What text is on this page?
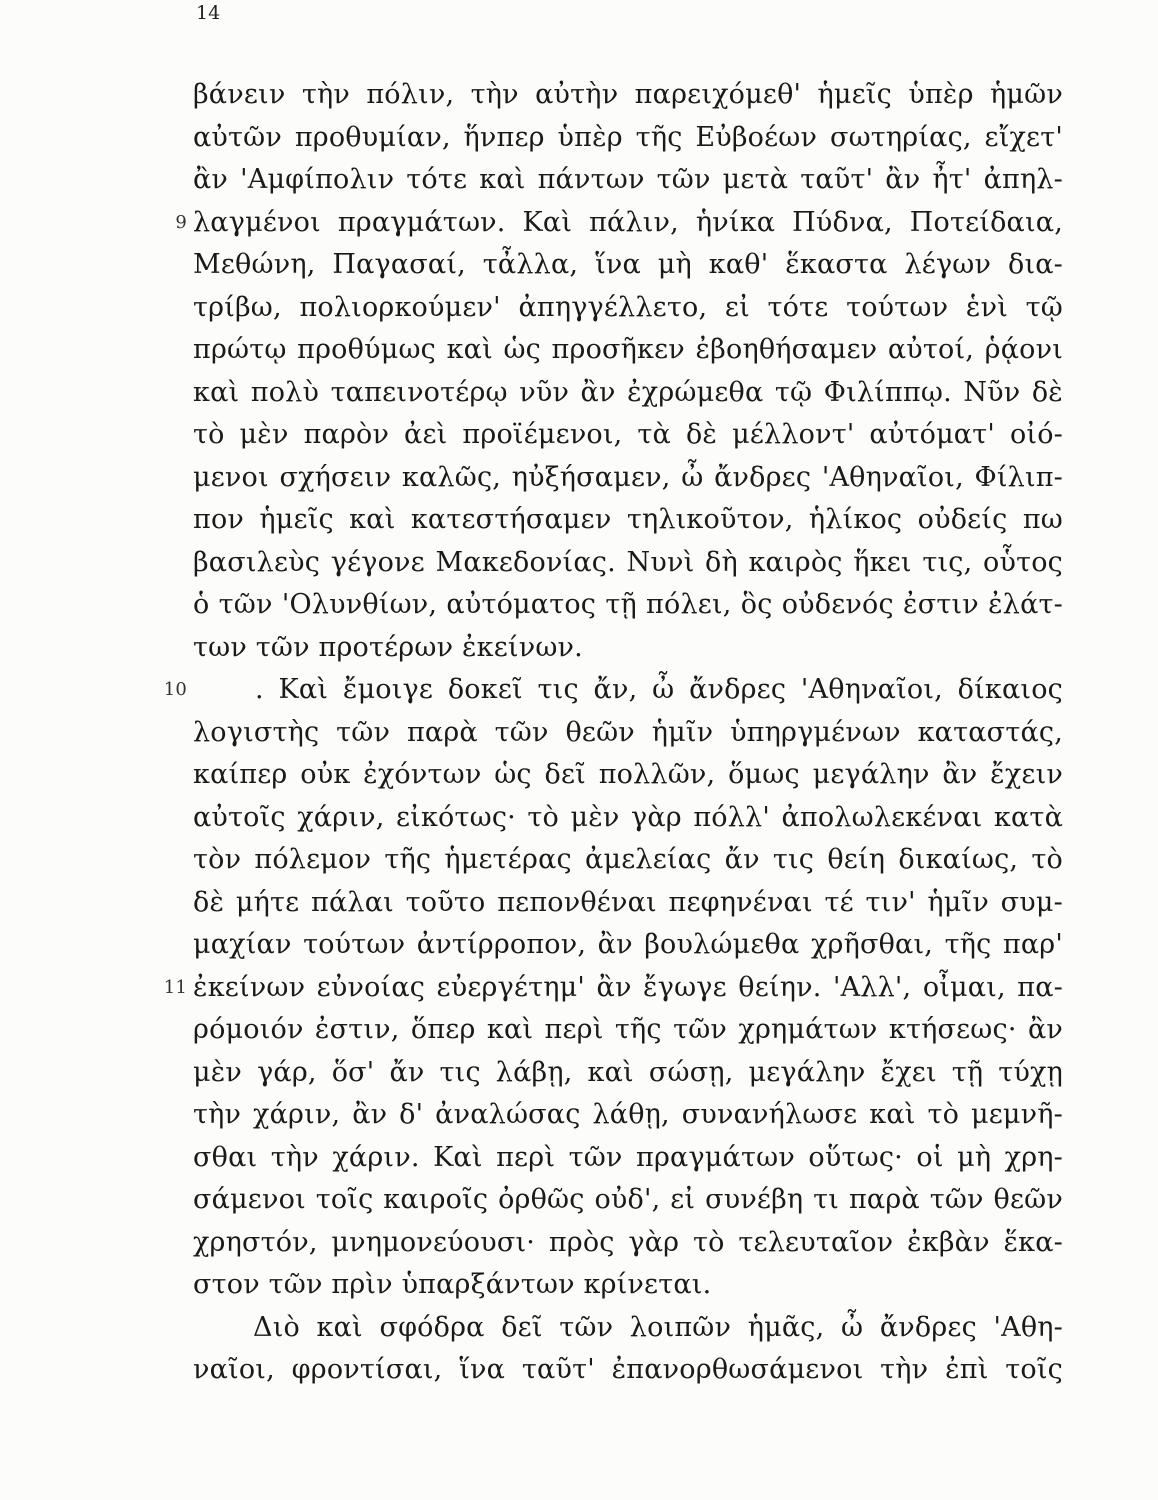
14
βάνειν τὴν πόλιν, τὴν αὐτὴν παρειχόμεθ' ἡμεῖς ὑπὲρ ἡμῶν
αὐτῶν προθυμίαν, ἥνπερ ὑπὲρ τῆς Εὐβοέων σωτηρίας, εἴχετ'
ἂν 'Αμφίπολιν τότε καὶ πάντων τῶν μετὰ ταῦτ' ἂν ἦτ' ἀπηλ-
9 λαγμένοι πραγμάτων. Καὶ πάλιν, ἡνίκα Πύδνα, Ποτείδαια,
Μεθώνη, Παγασαί, τἆλλα, ἵνα μὴ καθ' ἕκαστα λέγων δια-
τρίβω, πολιορκούμεν' ἀπηγγέλλετο, εἰ τότε τούτων ἑνὶ τῷ
πρώτῳ προθύμως καὶ ὡς προσῆκεν ἐβοηθήσαμεν αὐτοί, ῥᾴονι
καὶ πολὺ ταπεινοτέρῳ νῦν ἂν ἐχρώμεθα τῷ Φιλίππῳ. Νῦν δὲ
τὸ μὲν παρὸν ἀεὶ προϊέμενοι, τὰ δὲ μέλλοντ' αὐτόματ' οἰό-
μενοι σχήσειν καλῶς, ηὐξήσαμεν, ὦ ἄνδρες 'Αθηναῖοι, Φίλιπ-
πον ἡμεῖς καὶ κατεστήσαμεν τηλικοῦτον, ἡλίκος οὐδείς πω
βασιλεὺς γέγονε Μακεδονίας. Νυνὶ δὴ καιρὸς ἥκει τις, οὗτος
ὁ τῶν 'Ολυνθίων, αὐτόματος τῇ πόλει, ὃς οὐδενός ἐστιν ἐλάτ-
των τῶν προτέρων ἐκείνων.
10	. Καὶ ἔμοιγε δοκεῖ τις ἄν, ὦ ἄνδρες 'Αθηναῖοι, δίκαιος
λογιστὴς τῶν παρὰ τῶν θεῶν ἡμῖν ὑπηργμένων καταστάς,
καίπερ οὐκ ἐχόντων ὡς δεῖ πολλῶν, ὅμως μεγάλην ἂν ἔχειν
αὐτοῖς χάριν, εἰκότως· τὸ μὲν γὰρ πόλλ' ἀπολωλεκέναι κατὰ
τὸν πόλεμον τῆς ἡμετέρας ἀμελείας ἄν τις θείη δικαίως, τὸ
δὲ μήτε πάλαι τοῦτο πεπονθέναι πεφηνέναι τέ τιν' ἡμῖν συμ-
μαχίαν τούτων ἀντίρροπον, ἂν βουλώμεθα χρῆσθαι, τῆς παρ'
11 ἐκείνων εὐνοίας εὐεργέτημ' ἂν ἔγωγε θείην. 'Αλλ', οἶμαι, πα-
ρόμοιόν ἐστιν, ὅπερ καὶ περὶ τῆς τῶν χρημάτων κτήσεως· ἂν
μὲν γάρ, ὅσ' ἄν τις λάβῃ, καὶ σώσῃ, μεγάλην ἔχει τῇ τύχῃ
τὴν χάριν, ἂν δ' ἀναλώσας λάθῃ, συνανήλωσε καὶ τὸ μεμνῆ-
σθαι τὴν χάριν. Καὶ περὶ τῶν πραγμάτων οὕτως· οἱ μὴ χρη-
σάμενοι τοῖς καιροῖς ὀρθῶς οὐδ', εἰ συνέβη τι παρὰ τῶν θεῶν
χρηστόν, μνημονεύουσι· πρὸς γὰρ τὸ τελευταῖον ἐκβὰν ἕκα-
στον τῶν πρὶν ὑπαρξάντων κρίνεται.
Διὸ καὶ σφόδρα δεῖ τῶν λοιπῶν ἡμᾶς, ὦ ἄνδρες 'Αθη-
ναῖοι, φροντίσαι, ἵνα ταῦτ' ἐπανορθωσάμενοι τὴν ἐπὶ τοῖς
